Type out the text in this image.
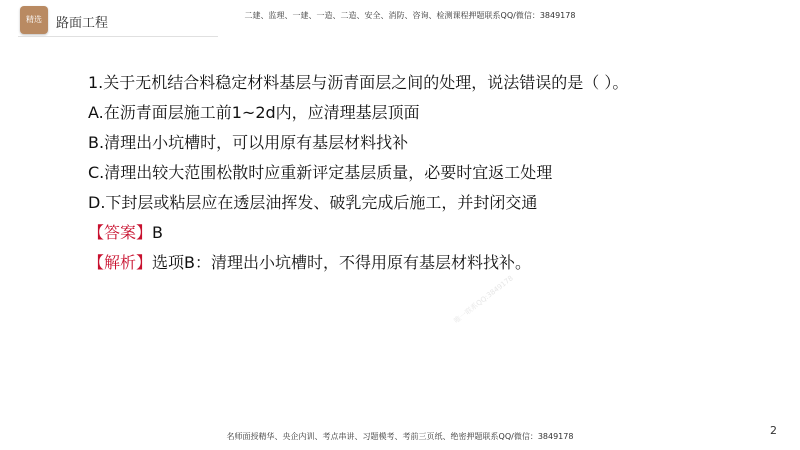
精选	路面工程
二建、监理、一建、一造、二造、安全、消防、咨询、检测课程押题联系QQ/微信：3849178
1.关于无机结合料稳定材料基层与沥青面层之间的处理，说法错误的是（ ）。
A.在沥青面层施工前1~2d内，应清理基层顶面
B.清理出小坑槽时，可以用原有基层材料找补
C.清理出较大范围松散时应重新评定基层质量，必要时宜返工处理
D.下封层或粘层应在透层油挥发、破乳完成后施工，并封闭交通
【答案】B
【解析】选项B：清理出小坑槽时，不得用原有基层材料找补。
唯一联系QQ:3849178
名师面授精华、央企内训、考点串讲、习题模考、考前三页纸、绝密押题联系QQ/微信：3849178	2
